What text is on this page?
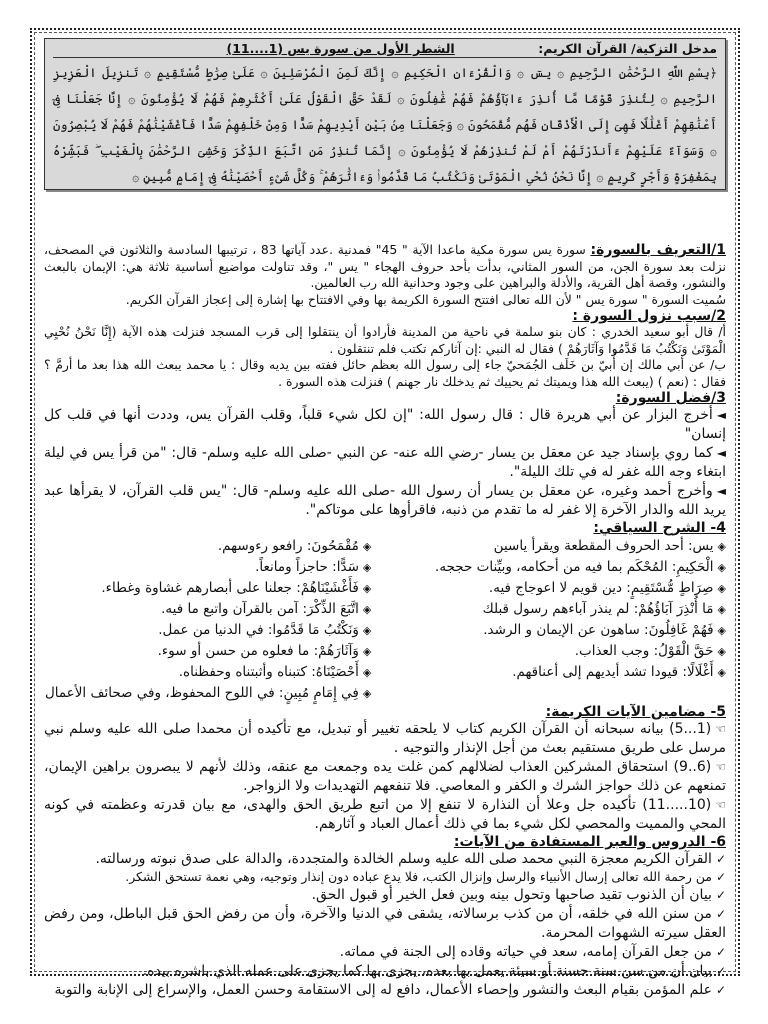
مدخل التزكية/ القرآن الكريم:
الشطر الأول من سورة يس (1....11)
﴿بِسْمِ اللَّهِ الرَّحْمَٰنِ الرَّحِيمِ ۞ يسٓ ۞ وَالْقُرْءَانِ الْحَكِيمِ ۞ إِنَّكَ لَمِنَ الْمُرْسَلِينَ ۞ عَلَىٰ صِرَٰطٍ مُّسْتَقِيمٍ ۞ تَنزِيلَ الْعَزِيزِ الرَّحِيمِ ۞ لِتُنذِرَ قَوْمًا مَّا أُنذِرَ ءَابَآؤُهُمْ فَهُمْ غَٰفِلُونَ ۞ لَقَدْ حَقَّ الْقَوْلُ عَلَىٰ أَكْثَرِهِمْ فَهُمْ لَا يُؤْمِنُونَ ۞ إِنَّا جَعَلْنَا فِىٓ أَعْنَٰقِهِمْ أَغْلَٰلًا فَهِىَ إِلَى الْأَذْقَانِ فَهُم مُّقْمَحُونَ ۞ وَجَعَلْنَا مِنۢ بَيْنِ أَيْدِيهِمْ سَدًّا وَمِنْ خَلْفِهِمْ سَدًّا فَأَغْشَيْنَٰهُمْ فَهُمْ لَا يُبْصِرُونَ ۞ وَسَوَآءٌ عَلَيْهِمْ ءَأَنذَرْتَهُمْ أَمْ لَمْ تُنذِرْهُمْ لَا يُؤْمِنُونَ ۞ إِنَّمَا تُنذِرُ مَنِ اتَّبَعَ الذِّكْرَ وَخَشِىَ الرَّحْمَٰنَ بِالْغَيْبِ ۖ فَبَشِّرْهُ بِمَغْفِرَةٍ وَأَجْرٍ كَرِيمٍ ۞ إِنَّا نَحْنُ نُحْىِ الْمَوْتَىٰ وَنَكْتُبُ مَا قَدَّمُوا۟ وَءَاثَٰرَهُمْ ۚ وَكُلَّ شَىْءٍ أَحْصَيْنَٰهُ فِىٓ إِمَامٍ مُّبِينٍ ۞

1/التعريف بالسورة: سورة يس سورة مكية ماعدا الآية " 45" فمدنية .عدد آياتها 83 ، ترتيبها السادسة والثلاثون في المصحف، نزلت بعد سورة الجن، من السور المثاني، بدأت بأحد حروف الهجاء " يس "، وقد تناولت مواضيع أساسية ثلاثة هي: الإيمان بالبعث والنشور، وقصة أهل القرية، والأدلة والبراهين على وجود وحدانية الله رب العالمين.

سُميت السورة " سورة يس " لأن الله تعالى افتتح السورة الكريمة بها وفي الافتتاح بها إشارة إلى إعجاز القرآن الكريم.

2/سبب نزول السورة :

أ/ قال أبو سعيد الخدري : كان بنو سلمة في ناحية من المدينة فأرادوا أن ينتقلوا إلى قرب المسجد فنزلت هذه الآية (إِنَّا نَحْنُ نُحْيِي الْمَوْتَىٰ وَنَكْتُبُ مَا قَدَّمُوا وَآثَارَهُمْ ) فقال له النبي :إن آثاركم تكتب فلم تنتقلون .

ب/ عن أبي مالك إن أُبيّ بن خَلَف الجُمَحيّ جاء إلى رسول الله بعظم حائل ففته بين يديه وقال : يا محمد يبعث الله هذا بعد ما أرمَّ ؟ فقال : (نعم ) (يبعث الله هذا ويميتك ثم يحييك ثم يدخلك نار جهنم ) فنزلت هذه السورة .

3/فضل السورة:

◄أخرج البزار عن أبي هريرة قال : قال رسول الله: "إن لكل شيء قلباً، وقلب القرآن يس، وددت أنها في قلب كل إنسان"

◄كما روي بإسناد جيد عن معقل بن يسار -رضي الله عنه- عن النبي -صلى الله عليه وسلم- قال: "من قرأ يس في ليلة ابتغاء وجه الله غفر له في تلك الليلة".

◄وأخرج أحمد وغيره، عن معقل بن يسار أن رسول الله -صلى الله عليه وسلم- قال: "يس قلب القرآن، لا يقرأها عبد يريد الله والدار الآخرة إلا غفر له ما تقدم من ذنبه، فاقرأوها على موتاكم".

4- الشرح السياقي:
◈يس: أحد الحروف المقطعة ويقرأ ياسين
◈الْحَكِيمِ: المُحْكَم بما فيه من أحكامه، وبيِّنات حججه.
◈صِرَاطٍ مُّسْتَقِيمٍ: دين قويم لا اعوجاج فيه.
◈مَا أُنْذِرَ آبَاؤُهُمْ: لم ينذر آباءهم رسول قبلك
◈فَهُمْ غَافِلُونَ: ساهون عن الإيمان و الرشد.
◈حَقَّ الْقَوْلُ: وجب العذاب.
◈أَغْلَالًا: قيودا تشد أيديهم إلى أعناقهم.
◈مُقْمَحُونَ: رافعو رءوسهم.
◈سَدًّا: حاجزاً ومانعاً.
◈فَأَغْشَيْنَاهُمْ: جعلنا على أبصارهم غشاوة وغطاء.
◈اتَّبَعَ الذِّكْرَ: آمن بالقرآن واتبع ما فيه.
◈وَنَكْتُبُ مَا قَدَّمُوا: في الدنيا من عمل.
◈وَآثَارَهُمْ: ما فعلوه من حسن أو سوء.
◈أَحْصَيْنَاهُ: كتبناه وأثبتناه وحفظناه.
◈فِي إِمَامٍ مُبِينٍ: في اللوح المحفوظ، وفي صحائف الأعمال
5- مضامين الآيات الكريمة:

☜(1...5) بيانه سبحانه أن القرآن الكريم كتاب لا يلحقه تغيير أو تبديل، مع تأكيده أن محمدا صلى الله عليه وسلم نبي مرسل على طريق مستقيم بعث من أجل الإنذار والتوجيه .

☜(6..9) استحقاق المشركين العذاب لضلالهم كمن غلت يده وجمعت مع عنقه، وذلك لأنهم لا يبصرون براهين الإيمان، تمنعهم عن ذلك حواجز الشرك و الكفر و المعاصي. فلا تنفعهم التهديدات ولا الزواجر.

☜(10.....11) تأكيده جل وعلا أن النذارة لا تنفع إلا من اتبع طريق الحق والهدى، مع بيان قدرته وعظمته في كونه المحي والمميت والمحصي لكل شيء بما في ذلك أعمال العباد و آثارهم.

6- الدروس والعبر المستفادة من الآيات:

✓القرآن الكريم معجزة النبي محمد صلى الله عليه وسلم الخالدة والمتجددة، والدالة على صدق نبوته ورسالته.

✓من رحمة الله تعالى إرسال الأنبياء والرسل وإنزال الكتب، فلا يدع عباده دون إنذار وتوجيه، وهي نعمة تستحق الشكر.

✓بيان أن الذنوب تقيد صاحبها وتحول بينه وبين فعل الخير أو قبول الحق.

✓من سنن الله في خلقه، أن من كذب برسالاته، يشقى في الدنيا والآخرة، وأن من رفض الحق قبل الباطل، ومن رفض العقل سيرته الشهوات المحرمة.

✓من جعل القرآن إمامه، سعد في حياته وقاده إلى الجنة في مماته.

✓بيان أن من سن سنة حسنة أو سيئة يعمل بها بعده، يجزى بها كما يجزى على عمله الذي باشره بيده.

✓علم المؤمن بقيام البعث والنشور وإحصاء الأعمال، دافع له إلى الاستقامة وحسن العمل، والإسراع إلى الإنابة والتوبة
